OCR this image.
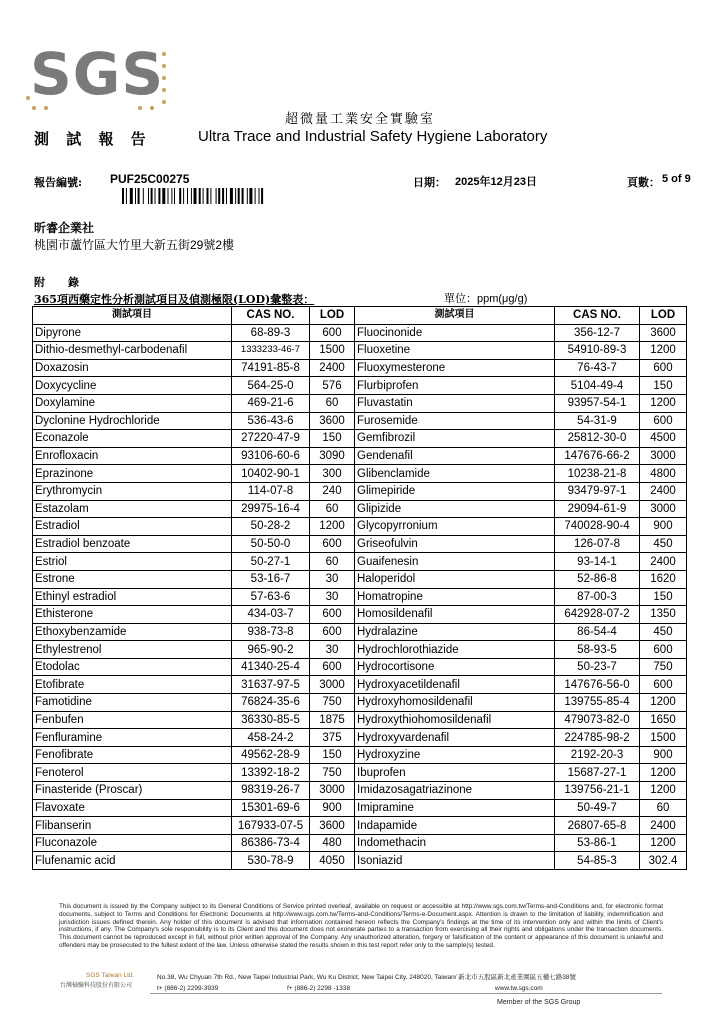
SGS
超微量工業安全實驗室
測 試 報 告	Ultra Trace and Industrial Safety Hygiene Laboratory
報告編號: PUF25C00275	日期： 2025年12月23日	頁數： 5 of 9
昕睿企業社
桃園市蘆竹區大竹里大新五街29號2樓
附　錄
365項西藥定性分析測試項目及偵測極限(LOD)彙整表：	單位：ppm(μg/g)
測試項目	CAS NO.	LOD	測試項目	CAS NO.	LOD
Dipyrone	68-89-3	600	Fluocinonide	356-12-7	3600
Dithio-desmethyl-carbodenafil	1333233-46-7	1500	Fluoxetine	54910-89-3	1200
Doxazosin	74191-85-8	2400	Fluoxymesterone	76-43-7	600
Doxycycline	564-25-0	576	Flurbiprofen	5104-49-4	150
Doxylamine	469-21-6	60	Fluvastatin	93957-54-1	1200
Dyclonine Hydrochloride	536-43-6	3600	Furosemide	54-31-9	600
Econazole	27220-47-9	150	Gemfibrozil	25812-30-0	4500
Enrofloxacin	93106-60-6	3090	Gendenafil	147676-66-2	3000
Eprazinone	10402-90-1	300	Glibenclamide	10238-21-8	4800
Erythromycin	114-07-8	240	Glimepiride	93479-97-1	2400
Estazolam	29975-16-4	60	Glipizide	29094-61-9	3000
Estradiol	50-28-2	1200	Glycopyrronium	740028-90-4	900
Estradiol benzoate	50-50-0	600	Griseofulvin	126-07-8	450
Estriol	50-27-1	60	Guaifenesin	93-14-1	2400
Estrone	53-16-7	30	Haloperidol	52-86-8	1620
Ethinyl estradiol	57-63-6	30	Homatropine	87-00-3	150
Ethisterone	434-03-7	600	Homosildenafil	642928-07-2	1350
Ethoxybenzamide	938-73-8	600	Hydralazine	86-54-4	450
Ethylestrenol	965-90-2	30	Hydrochlorothiazide	58-93-5	600
Etodolac	41340-25-4	600	Hydrocortisone	50-23-7	750
Etofibrate	31637-97-5	3000	Hydroxyacetildenafil	147676-56-0	600
Famotidine	76824-35-6	750	Hydroxyhomosildenafil	139755-85-4	1200
Fenbufen	36330-85-5	1875	Hydroxythiohomosildenafil	479073-82-0	1650
Fenfluramine	458-24-2	375	Hydroxyvardenafil	224785-98-2	1500
Fenofibrate	49562-28-9	150	Hydroxyzine	2192-20-3	900
Fenoterol	13392-18-2	750	Ibuprofen	15687-27-1	1200
Finasteride (Proscar)	98319-26-7	3000	Imidazosagatriazinone	139756-21-1	1200
Flavoxate	15301-69-6	900	Imipramine	50-49-7	60
Flibanserin	167933-07-5	3600	Indapamide	26807-65-8	2400
Fluconazole	86386-73-4	480	Indomethacin	53-86-1	1200
Flufenamic acid	530-78-9	4050	Isoniazid	54-85-3	302.4
This document is issued by the Company subject to its General Conditions of Service printed overleaf, available on request or accessible at http://www.sgs.com.tw/Terms-and-Conditions and, for electronic format documents, subject to Terms and Conditions for Electronic Documents at http://www.sgs.com.tw/Terms-and-Conditions/Terms-e-Document.aspx. Attention is drawn to the limitation of liability, indemnification and jurisdiction issues defined therein. Any holder of this document is advised that information contained hereon reflects the Company's findings at the time of its intervention only and within the limits of Client's instructions, if any. The Company's sole responsibility is to its Client and this document does not exonerate parties to a transaction from exercising all their rights and obligations under the transaction documents. This document cannot be reproduced except in full, without prior written approval of the Company. Any unauthorized alteration, forgery or falsification of the content or appearance of this document is unlawful and offenders may be prosecuted to the fullest extent of the law. Unless otherwise stated the results shown in this test report refer only to the sample(s) tested.
SGS Taiwan Ltd.
台灣檢驗科技股份有限公司
No.38, Wu Chyuan 7th Rd., New Taipei Industrial Park, Wu Ku District, New Taipei City, 248020, Taiwan/ 新北市五股區新北產業園區五權七路38號
t+ (886-2) 2299-3939	f+ (886-2) 2298 -1338	www.tw.sgs.com
Member of the SGS Group
